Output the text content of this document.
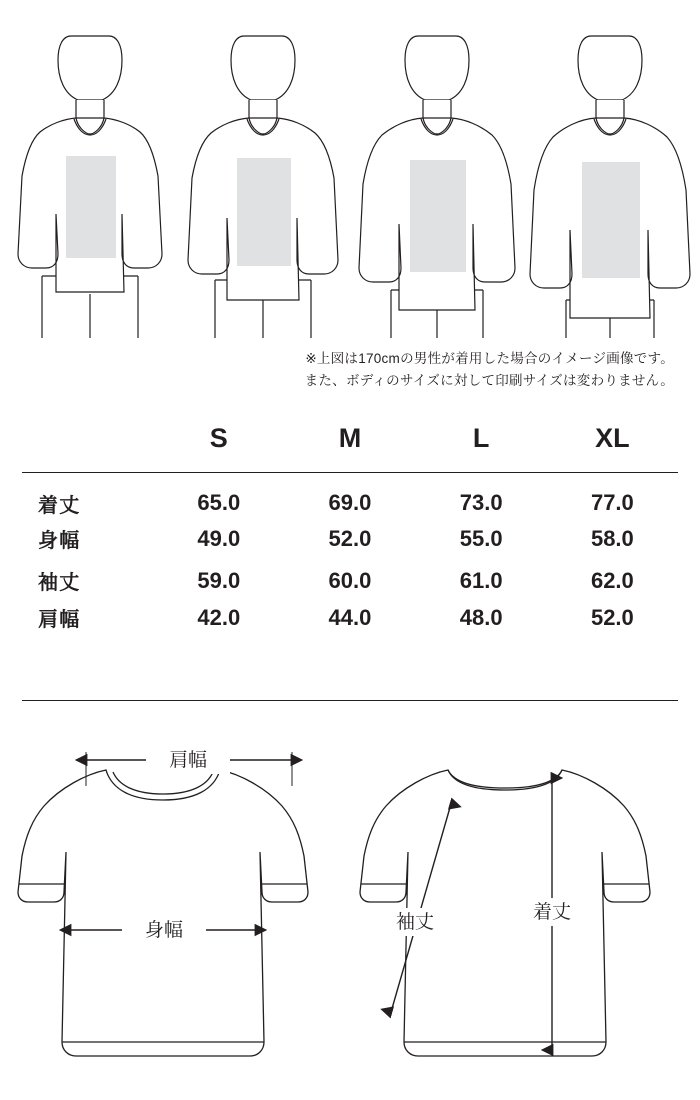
※上図は170cmの男性が着用した場合のイメージ画像です。
また、ボディのサイズに対して印刷サイズは変わりません。
	S	M	L	XL
着丈	65.0	69.0	73.0	77.0
身幅	49.0	52.0	55.0	58.0
袖丈	59.0	60.0	61.0	62.0
肩幅	42.0	44.0	48.0	52.0
肩幅
身幅	袖丈	着丈
